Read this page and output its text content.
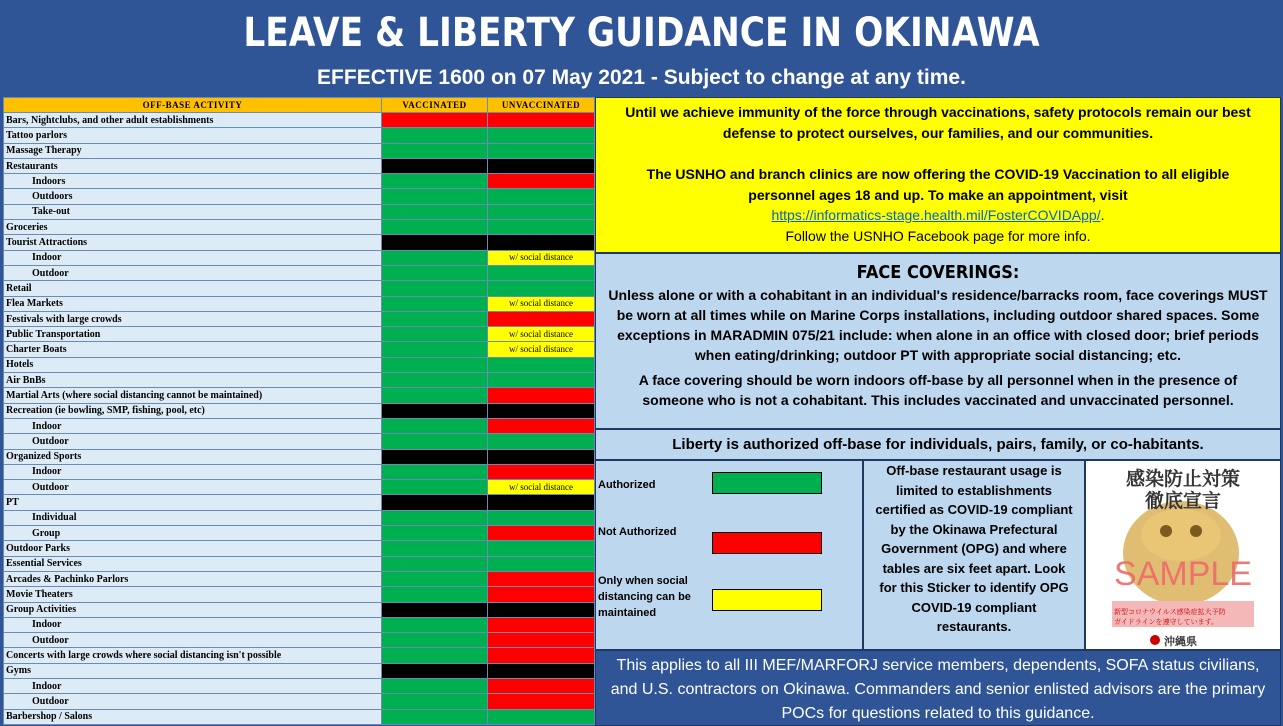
LEAVE & LIBERTY GUIDANCE IN OKINAWA
EFFECTIVE 1600 on 07 May 2021 - Subject to change at any time.
OFF-BASE ACTIVITY	VACCINATED	UNVACCINATED
Bars, Nightclubs, and other adult establishments		
Tattoo parlors		
Massage Therapy		
Restaurants		
Indoors		
Outdoors		
Take-out		
Groceries		
Tourist Attractions		
Indoor		w/ social distance
Outdoor		
Retail		
Flea Markets		w/ social distance
Festivals with large crowds		
Public Transportation		w/ social distance
Charter Boats		w/ social distance
Hotels		
Air BnBs		
Martial Arts (where social distancing cannot be maintained)		
Recreation (ie bowling, SMP, fishing, pool, etc)		
Indoor		
Outdoor		
Organized Sports		
Indoor		
Outdoor		w/ social distance
PT		
Individual		
Group		
Outdoor Parks		
Essential Services		
Arcades & Pachinko Parlors		
Movie Theaters		
Group Activities		
Indoor		
Outdoor		
Concerts with large crowds where social distancing isn't possible		
Gyms		
Indoor		
Outdoor		
Barbershop / Salons		
Until we achieve immunity of the force through vaccinations, safety protocols remain our best defense to protect ourselves, our families, and our communities.
The USNHO and branch clinics are now offering the COVID-19 Vaccination to all eligible personnel ages 18 and up. To make an appointment, visit
https://informatics-stage.health.mil/FosterCOVIDApp/.
Follow the USNHO Facebook page for more info.
FACE COVERINGS:

Unless alone or with a cohabitant in an individual's residence/barracks room, face coverings MUST be worn at all times while on Marine Corps installations, including outdoor shared spaces. Some exceptions in MARADMIN 075/21 include: when alone in an office with closed door; brief periods when eating/drinking; outdoor PT with appropriate social distancing; etc.

A face covering should be worn indoors off-base by all personnel when in the presence of someone who is not a cohabitant. This includes vaccinated and unvaccinated personnel.

Liberty is authorized off-base for individuals, pairs, family, or co-habitants.
Authorized
Not Authorized
Only when social distancing can be maintained
Off-base restaurant usage is limited to establishments certified as COVID-19 compliant by the Okinawa Prefectural Government (OPG) and where tables are six feet apart. Look for this Sticker to identify OPG COVID-19 compliant restaurants.
感染防止対策
徹底宣言
SAMPLE
新型コロナウイルス感染症拡大予防
ガイドラインを遵守しています。
沖縄県
This applies to all III MEF/MARFORJ service members, dependents, SOFA status civilians, and U.S. contractors on Okinawa. Commanders and senior enlisted advisors are the primary POCs for questions related to this guidance.
